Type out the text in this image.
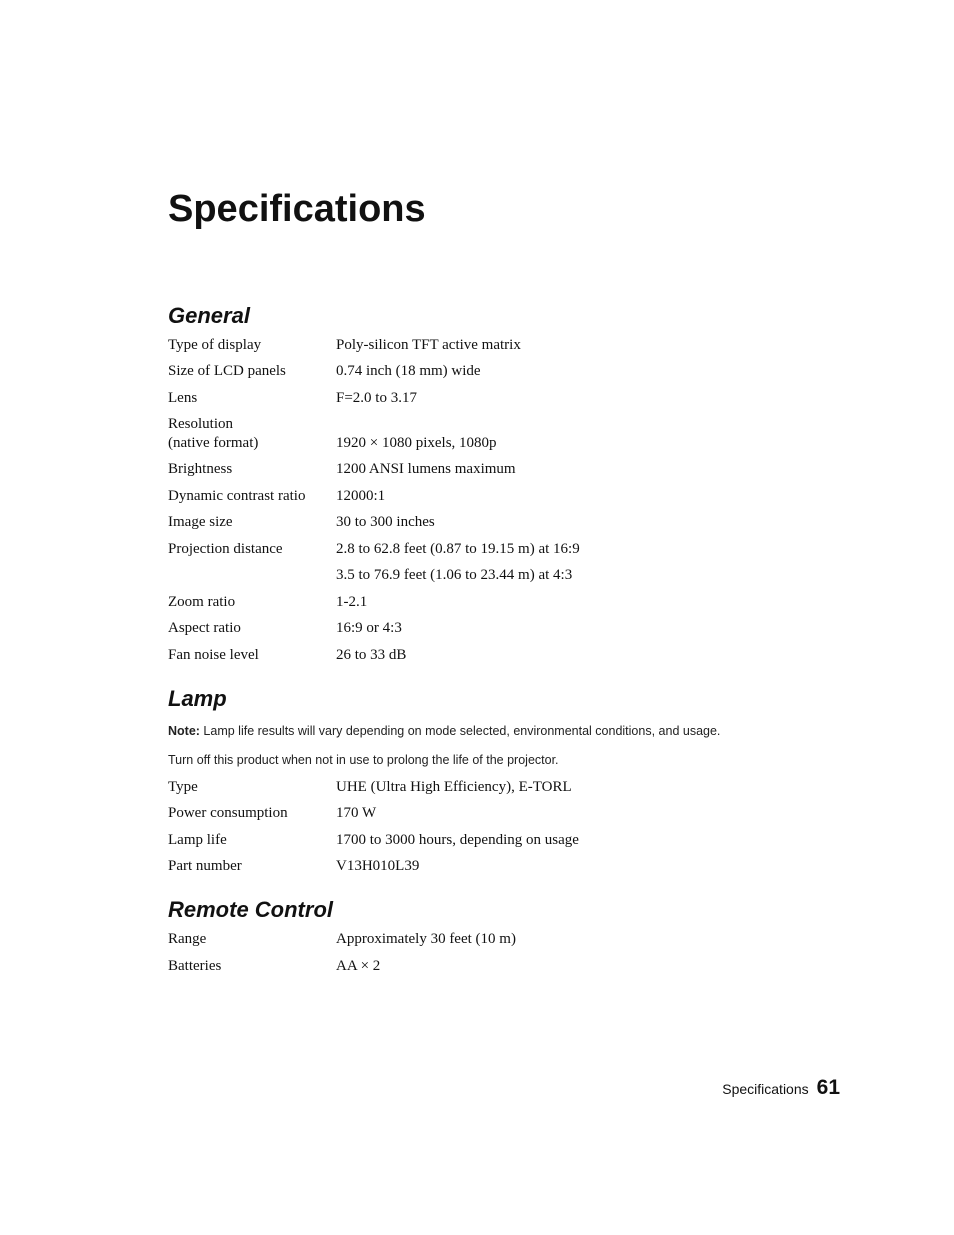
Specifications
General
Type of display	Poly-silicon TFT active matrix
Size of LCD panels	0.74 inch (18 mm) wide
Lens	F=2.0 to 3.17
Resolution
(native format)	1920 × 1080 pixels, 1080p
Brightness	1200 ANSI lumens maximum
Dynamic contrast ratio	12000:1
Image size	30 to 300 inches
Projection distance	2.8 to 62.8 feet (0.87 to 19.15 m) at 16:9
3.5 to 76.9 feet (1.06 to 23.44 m) at 4:3
Zoom ratio	1-2.1
Aspect ratio	16:9 or 4:3
Fan noise level	26 to 33 dB
Lamp

Note: Lamp life results will vary depending on mode selected, environmental conditions, and usage.

Turn off this product when not in use to prolong the life of the projector.

Type	UHE (Ultra High Efficiency), E-TORL
Power consumption	170 W
Lamp life	1700 to 3000 hours, depending on usage
Part number	V13H010L39
Remote Control
Range	Approximately 30 feet (10 m)
Batteries	AA × 2
Specifications 61
